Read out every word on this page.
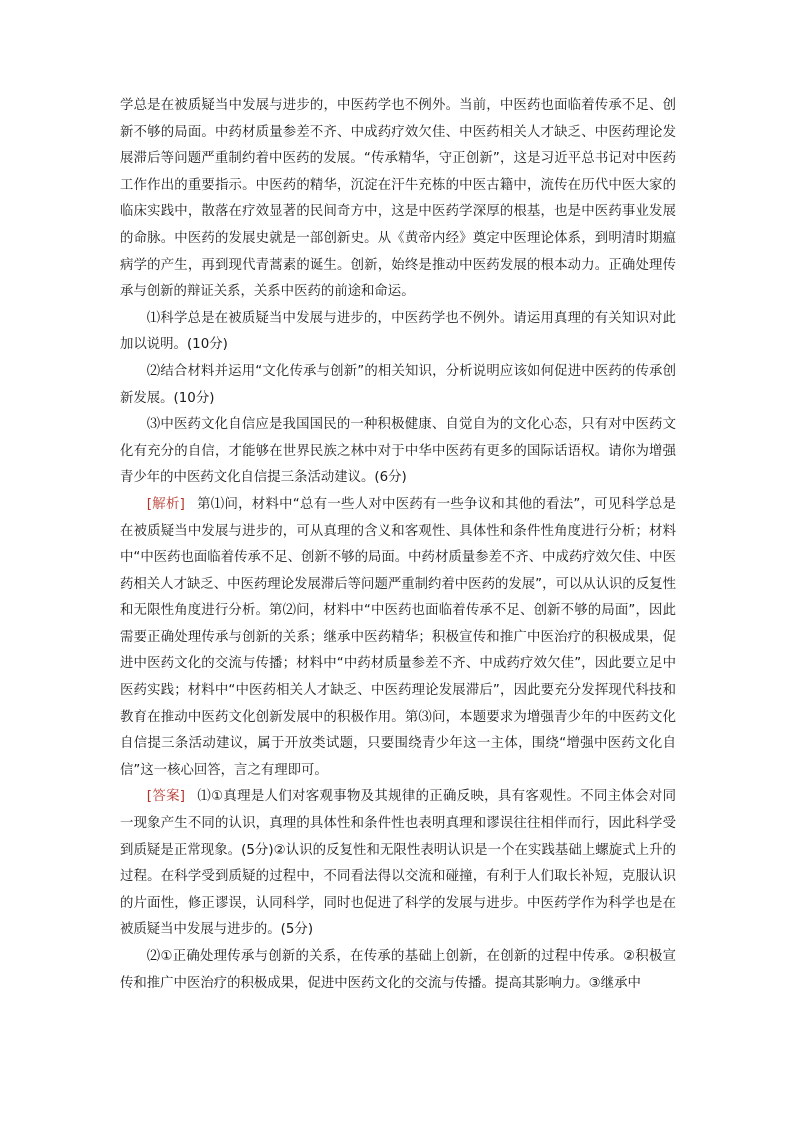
学总是在被质疑当中发展与进步的，中医药学也不例外。当前，中医药也面临着传承不足、创新不够的局面。中药材质量参差不齐、中成药疗效欠佳、中医药相关人才缺乏、中医药理论发展滞后等问题严重制约着中医药的发展。“传承精华，守正创新”，这是习近平总书记对中医药工作作出的重要指示。中医药的精华，沉淀在汗牛充栋的中医古籍中，流传在历代中医大家的临床实践中，散落在疗效显著的民间奇方中，这是中医药学深厚的根基，也是中医药事业发展的命脉。中医药的发展史就是一部创新史。从《黄帝内经》奠定中医理论体系，到明清时期瘟病学的产生，再到现代青蒿素的诞生。创新，始终是推动中医药发展的根本动力。正确处理传承与创新的辩证关系，关系中医药的前途和命运。

⑴科学总是在被质疑当中发展与进步的，中医药学也不例外。请运用真理的有关知识对此加以说明。(10分)

⑵结合材料并运用“文化传承与创新”的相关知识，分析说明应该如何促进中医药的传承创新发展。(10分)

⑶中医药文化自信应是我国国民的一种积极健康、自觉自为的文化心态，只有对中医药文化有充分的自信，才能够在世界民族之林中对于中华中医药有更多的国际话语权。请你为增强青少年的中医药文化自信提三条活动建议。(6分)

[解析] 第⑴问，材料中“总有一些人对中医药有一些争议和其他的看法”，可见科学总是在被质疑当中发展与进步的，可从真理的含义和客观性、具体性和条件性角度进行分析；材料中“中医药也面临着传承不足、创新不够的局面。中药材质量参差不齐、中成药疗效欠佳、中医药相关人才缺乏、中医药理论发展滞后等问题严重制约着中医药的发展”，可以从认识的反复性和无限性角度进行分析。第⑵问，材料中“中医药也面临着传承不足、创新不够的局面”，因此需要正确处理传承与创新的关系；继承中医药精华；积极宣传和推广中医治疗的积极成果，促进中医药文化的交流与传播；材料中“中药材质量参差不齐、中成药疗效欠佳”，因此要立足中医药实践；材料中“中医药相关人才缺乏、中医药理论发展滞后”，因此要充分发挥现代科技和教育在推动中医药文化创新发展中的积极作用。第⑶问，本题要求为增强青少年的中医药文化自信提三条活动建议，属于开放类试题，只要围绕青少年这一主体，围绕“增强中医药文化自信”这一核心回答，言之有理即可。

[答案] ⑴①真理是人们对客观事物及其规律的正确反映，具有客观性。不同主体会对同一现象产生不同的认识，真理的具体性和条件性也表明真理和谬误往往相伴而行，因此科学受到质疑是正常现象。(5分)②认识的反复性和无限性表明认识是一个在实践基础上螺旋式上升的过程。在科学受到质疑的过程中，不同看法得以交流和碰撞，有利于人们取长补短，克服认识的片面性，修正谬误，认同科学，同时也促进了科学的发展与进步。中医药学作为科学也是在被质疑当中发展与进步的。(5分)

⑵①正确处理传承与创新的关系，在传承的基础上创新，在创新的过程中传承。②积极宣传和推广中医治疗的积极成果，促进中医药文化的交流与传播。提高其影响力。③继承中
